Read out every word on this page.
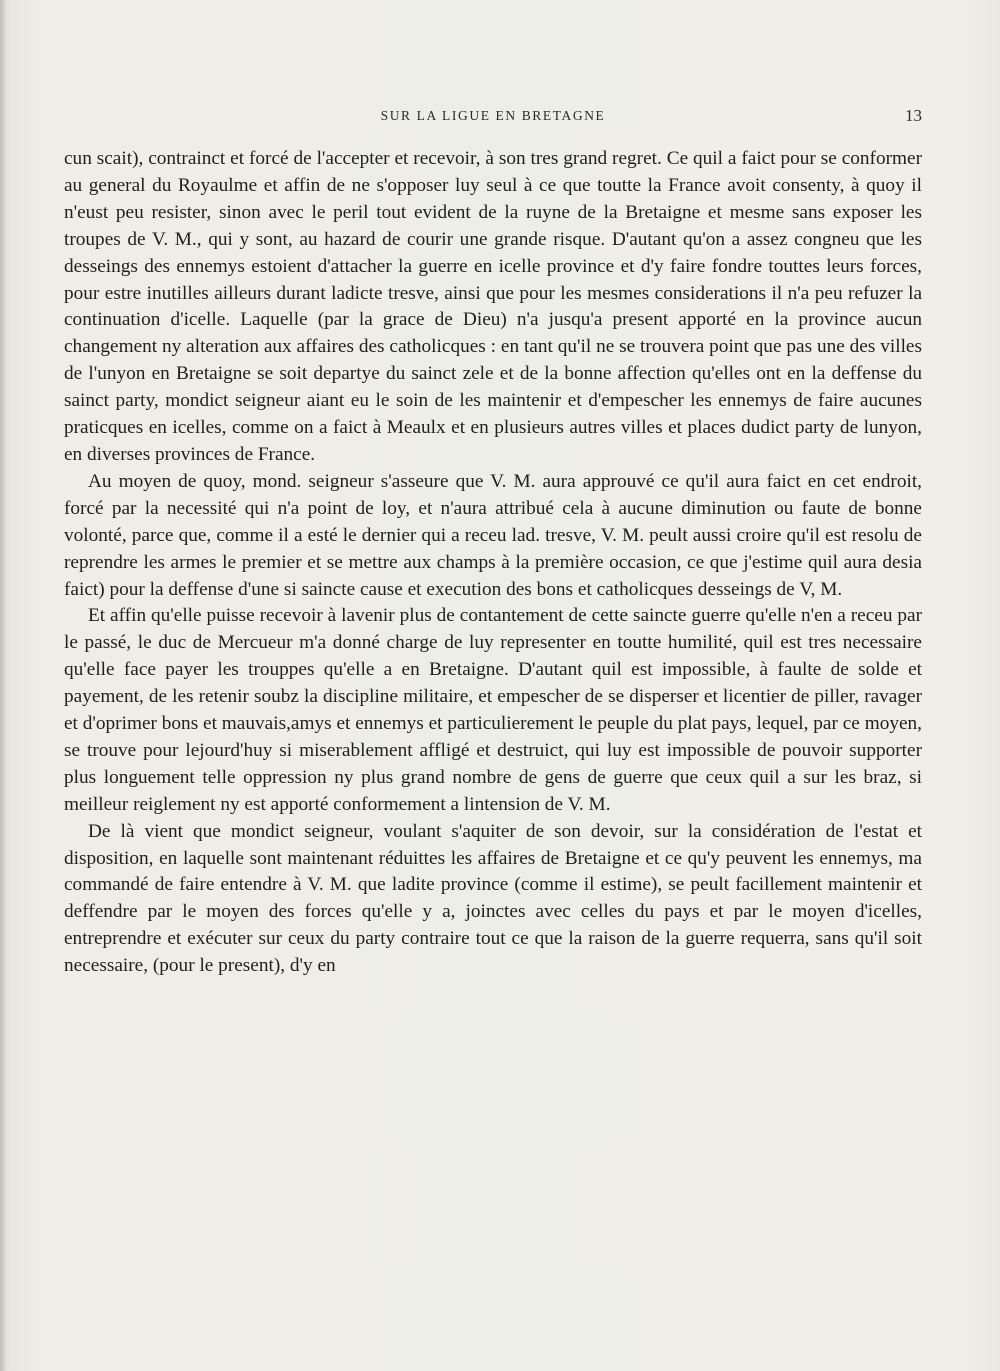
SUR LA LIGUE EN BRETAGNE	13

cun scait), contrainct et forcé de l'accepter et recevoir, à son tres grand regret. Ce quil a faict pour se conformer au general du Royaulme et affin de ne s'opposer luy seul à ce que toutte la France avoit consenty, à quoy il n'eust peu resister, sinon avec le peril tout evident de la ruyne de la Bretaigne et mesme sans exposer les troupes de V. M., qui y sont, au hazard de courir une grande risque. D'autant qu'on a assez congneu que les desseings des ennemys estoient d'attacher la guerre en icelle province et d'y faire fondre touttes leurs forces, pour estre inutilles ailleurs durant ladicte tresve, ainsi que pour les mesmes considerations il n'a peu refuzer la continuation d'icelle. Laquelle (par la grace de Dieu) n'a jusqu'a present apporté en la province aucun changement ny alteration aux affaires des catholicques : en tant qu'il ne se trouvera point que pas une des villes de l'unyon en Bretaigne se soit departye du sainct zele et de la bonne affection qu'elles ont en la deffense du sainct party, mondict seigneur aiant eu le soin de les maintenir et d'empescher les ennemys de faire aucunes praticques en icelles, comme on a faict à Meaulx et en plusieurs autres villes et places dudict party de lunyon, en diverses provinces de France.

Au moyen de quoy, mond. seigneur s'asseure que V. M. aura approuvé ce qu'il aura faict en cet endroit, forcé par la necessité qui n'a point de loy, et n'aura attribué cela à aucune diminution ou faute de bonne volonté, parce que, comme il a esté le dernier qui a receu lad. tresve, V. M. peult aussi croire qu'il est resolu de reprendre les armes le premier et se mettre aux champs à la première occasion, ce que j'estime quil aura desia faict) pour la deffense d'une si saincte cause et execution des bons et catholicques desseings de V, M.

Et affin qu'elle puisse recevoir à lavenir plus de contantement de cette saincte guerre qu'elle n'en a receu par le passé, le duc de Mercueur m'a donné charge de luy representer en toutte humilité, quil est tres necessaire qu'elle face payer les trouppes qu'elle a en Bretaigne. D'autant quil est impossible, à faulte de solde et payement, de les retenir soubz la discipline militaire, et empescher de se disperser et licentier de piller, ravager et d'oprimer bons et mauvais,amys et ennemys et particulierement le peuple du plat pays, lequel, par ce moyen, se trouve pour lejourd'huy si miserablement affligé et destruict, qui luy est impossible de pouvoir supporter plus longuement telle oppression ny plus grand nombre de gens de guerre que ceux quil a sur les braz, si meilleur reiglement ny est apporté conformement a lintension de V. M.

De là vient que mondict seigneur, voulant s'aquiter de son devoir, sur la considération de l'estat et disposition, en laquelle sont maintenant réduittes les affaires de Bretaigne et ce qu'y peuvent les ennemys, ma commandé de faire entendre à V. M. que ladite province (comme il estime), se peult facillement maintenir et deffendre par le moyen des forces qu'elle y a, joinctes avec celles du pays et par le moyen d'icelles, entreprendre et exécuter sur ceux du party contraire tout ce que la raison de la guerre requerra, sans qu'il soit necessaire, (pour le present), d'y en
